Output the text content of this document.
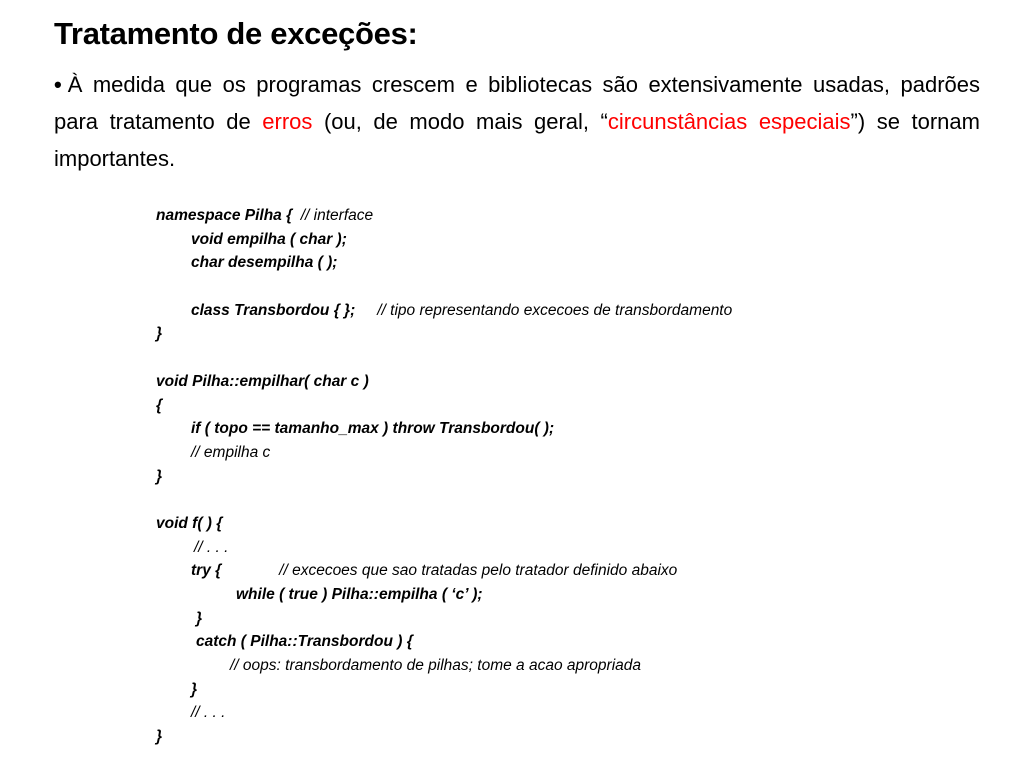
Tratamento de exceções:
• À medida que os programas crescem e bibliotecas são extensivamente usadas, padrões para tratamento de erros (ou, de modo mais geral, “circunstâncias especiais”) se tornam importantes.
namespace Pilha { // interface
void empilha ( char );
char desempilha ( );
class Transbordou { }; // tipo representando excecoes de transbordamento
}
void Pilha::empilhar( char c )
{
if ( topo == tamanho_max ) throw Transbordou( );
// empilha c
}
void f( ) {
// . . .
try {	// excecoes que sao tratadas pelo tratador definido abaixo
while ( true ) Pilha::empilha ( ‘c’ );
}
catch ( Pilha::Transbordou ) {
// oops: transbordamento de pilhas; tome a acao apropriada
}
// . . .
}
